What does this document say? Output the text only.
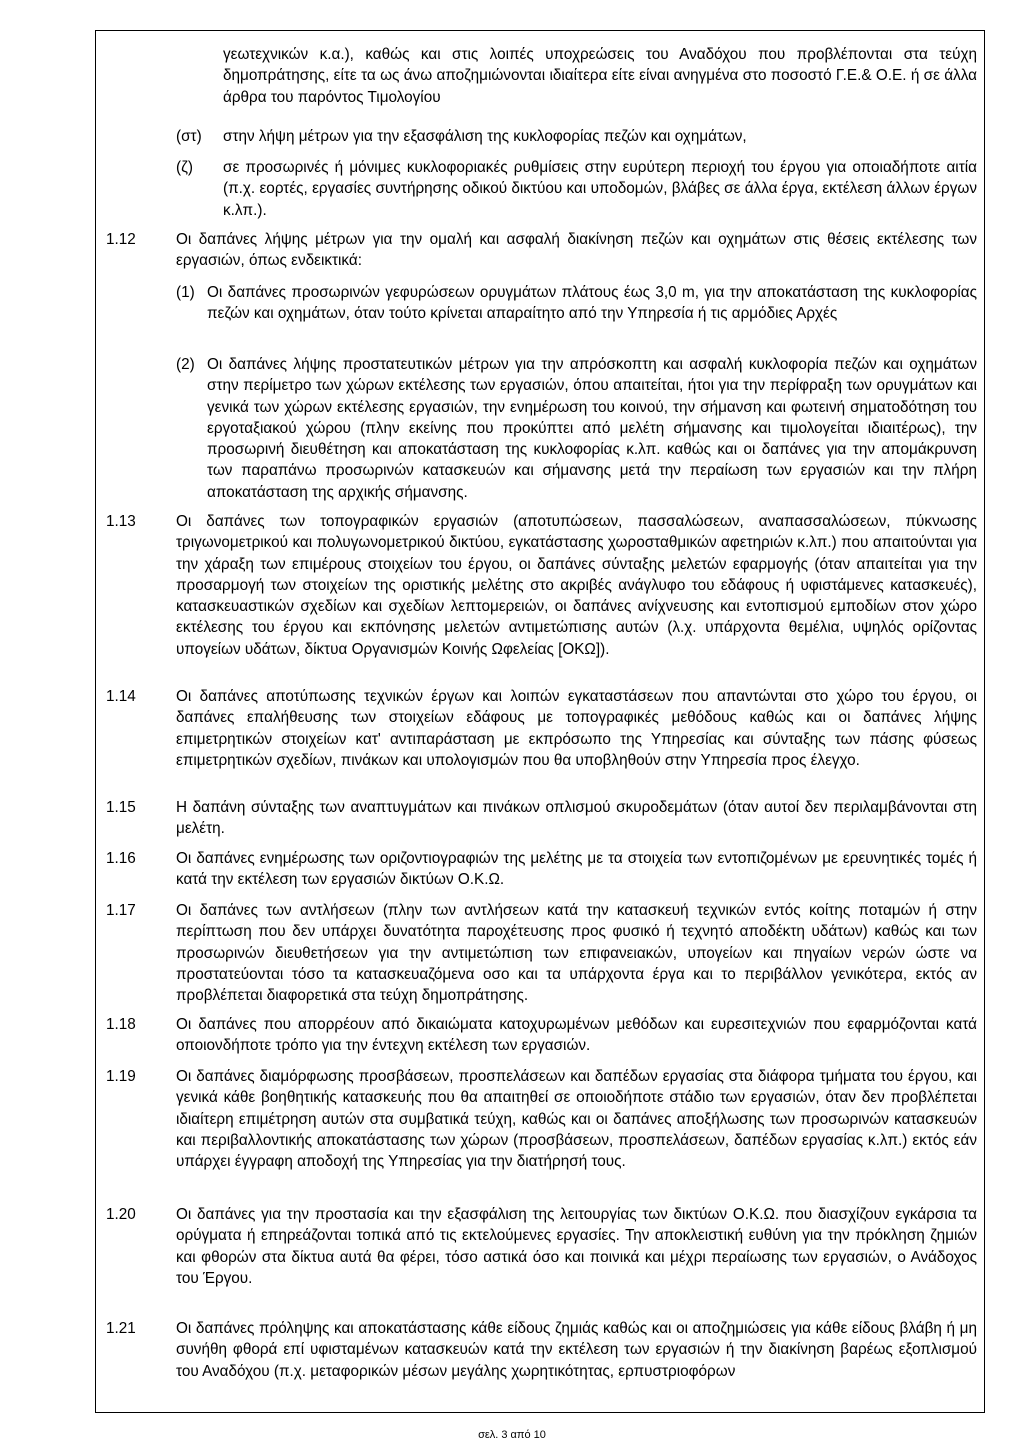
γεωτεχνικών κ.α.), καθώς και στις λοιπές υποχρεώσεις του Αναδόχου που προβλέπονται στα τεύχη δημοπράτησης, είτε τα ως άνω αποζημιώνονται ιδιαίτερα είτε είναι ανηγμένα στο ποσοστό Γ.Ε.& Ο.Ε. ή σε άλλα άρθρα του παρόντος Τιμολογίου

(στ) στην λήψη μέτρων για την εξασφάλιση της κυκλοφορίας πεζών και οχημάτων,

(ζ) σε προσωρινές ή μόνιμες κυκλοφοριακές ρυθμίσεις στην ευρύτερη περιοχή του έργου για οποιαδήποτε αιτία (π.χ. εορτές, εργασίες συντήρησης οδικού δικτύου και υποδομών, βλάβες σε άλλα έργα, εκτέλεση άλλων έργων κ.λπ.).

1.12	Οι δαπάνες λήψης μέτρων για την ομαλή και ασφαλή διακίνηση πεζών και οχημάτων στις θέσεις εκτέλεσης των εργασιών, όπως ενδεικτικά:

(1) Οι δαπάνες προσωρινών γεφυρώσεων ορυγμάτων πλάτους έως 3,0 m, για την αποκατάσταση της κυκλοφορίας πεζών και οχημάτων, όταν τούτο κρίνεται απαραίτητο από την Υπηρεσία ή τις αρμόδιες Αρχές

(2) Οι δαπάνες λήψης προστατευτικών μέτρων για την απρόσκοπτη και ασφαλή κυκλοφορία πεζών και οχημάτων στην περίμετρο των χώρων εκτέλεσης των εργασιών, όπου απαιτείται, ήτοι για την περίφραξη των ορυγμάτων και γενικά των χώρων εκτέλεσης εργασιών, την ενημέρωση του κοινού, την σήμανση και φωτεινή σηματοδότηση του εργοταξιακού χώρου (πλην εκείνης που προκύπτει από μελέτη σήμανσης και τιμολογείται ιδιαιτέρως), την προσωρινή διευθέτηση και αποκατάσταση της κυκλοφορίας κ.λπ. καθώς και οι δαπάνες για την απομάκρυνση των παραπάνω προσωρινών κατασκευών και σήμανσης μετά την περαίωση των εργασιών και την πλήρη αποκατάσταση της αρχικής σήμανσης.

1.13	Οι δαπάνες των τοπογραφικών εργασιών (αποτυπώσεων, πασσαλώσεων, αναπασσαλώσεων, πύκνωσης τριγωνομετρικού και πολυγωνομετρικού δικτύου, εγκατάστασης χωροσταθμικών αφετηριών κ.λπ.) που απαιτούνται για την χάραξη των επιμέρους στοιχείων του έργου, οι δαπάνες σύνταξης μελετών εφαρμογής (όταν απαιτείται για την προσαρμογή των στοιχείων της οριστικής μελέτης στο ακριβές ανάγλυφο του εδάφους ή υφιστάμενες κατασκευές), κατασκευαστικών σχεδίων και σχεδίων λεπτομερειών, οι δαπάνες ανίχνευσης και εντοπισμού εμποδίων στον χώρο εκτέλεσης του έργου και εκπόνησης μελετών αντιμετώπισης αυτών (λ.χ. υπάρχοντα θεμέλια, υψηλός ορίζοντας υπογείων υδάτων, δίκτυα Οργανισμών Κοινής Ωφελείας [ΟΚΩ]).

1.14	Οι δαπάνες αποτύπωσης τεχνικών έργων και λοιπών εγκαταστάσεων που απαντώνται στο χώρο του έργου, οι δαπάνες επαλήθευσης των στοιχείων εδάφους με τοπογραφικές μεθόδους καθώς και οι δαπάνες λήψης επιμετρητικών στοιχείων κατ' αντιπαράσταση με εκπρόσωπο της Υπηρεσίας και σύνταξης των πάσης φύσεως επιμετρητικών σχεδίων, πινάκων και υπολογισμών που θα υποβληθούν στην Υπηρεσία προς έλεγχο.

1.15	Η δαπάνη σύνταξης των αναπτυγμάτων και πινάκων οπλισμού σκυροδεμάτων (όταν αυτοί δεν περιλαμβάνονται στη μελέτη.

1.16	Οι δαπάνες ενημέρωσης των οριζοντιογραφιών της μελέτης με τα στοιχεία των εντοπιζομένων με ερευνητικές τομές ή κατά την εκτέλεση των εργασιών δικτύων Ο.Κ.Ω.

1.17	Οι δαπάνες των αντλήσεων (πλην των αντλήσεων κατά την κατασκευή τεχνικών εντός κοίτης ποταμών ή στην περίπτωση που δεν υπάρχει δυνατότητα παροχέτευσης προς φυσικό ή τεχνητό αποδέκτη υδάτων) καθώς και των προσωρινών διευθετήσεων για την αντιμετώπιση των επιφανειακών, υπογείων και πηγαίων νερών ώστε να προστατεύονται τόσο τα κατασκευαζόμενα οσο και τα υπάρχοντα έργα και το περιβάλλον γενικότερα, εκτός αν προβλέπεται διαφορετικά στα τεύχη δημοπράτησης.

1.18	Οι δαπάνες που απορρέουν από δικαιώματα κατοχυρωμένων μεθόδων και ευρεσιτεχνιών που εφαρμόζονται κατά οποιονδήποτε τρόπο για την έντεχνη εκτέλεση των εργασιών.

1.19	Οι δαπάνες διαμόρφωσης προσβάσεων, προσπελάσεων και δαπέδων εργασίας στα διάφορα τμήματα του έργου, και γενικά κάθε βοηθητικής κατασκευής που θα απαιτηθεί σε οποιοδήποτε στάδιο των εργασιών, όταν δεν προβλέπεται ιδιαίτερη επιμέτρηση αυτών στα συμβατικά τεύχη, καθώς και οι δαπάνες αποξήλωσης των προσωρινών κατασκευών και περιβαλλοντικής αποκατάστασης των χώρων (προσβάσεων, προσπελάσεων, δαπέδων εργασίας κ.λπ.) εκτός εάν υπάρχει έγγραφη αποδοχή της Υπηρεσίας για την διατήρησή τους.

1.20	Οι δαπάνες για την προστασία και την εξασφάλιση της λειτουργίας των δικτύων Ο.Κ.Ω. που διασχίζουν εγκάρσια τα ορύγματα ή επηρεάζονται τοπικά από τις εκτελούμενες εργασίες. Την αποκλειστική ευθύνη για την πρόκληση ζημιών και φθορών στα δίκτυα αυτά θα φέρει, τόσο αστικά όσο και ποινικά και μέχρι περαίωσης των εργασιών, ο Ανάδοχος του Έργου.

1.21	Οι δαπάνες πρόληψης και αποκατάστασης κάθε είδους ζημιάς καθώς και οι αποζημιώσεις για κάθε είδους βλάβη ή μη συνήθη φθορά επί υφισταμένων κατασκευών κατά την εκτέλεση των εργασιών ή την διακίνηση βαρέως εξοπλισμού του Αναδόχου (π.χ. μεταφορικών μέσων μεγάλης χωρητικότητας, ερπυστριοφόρων

σελ. 3 από 10
